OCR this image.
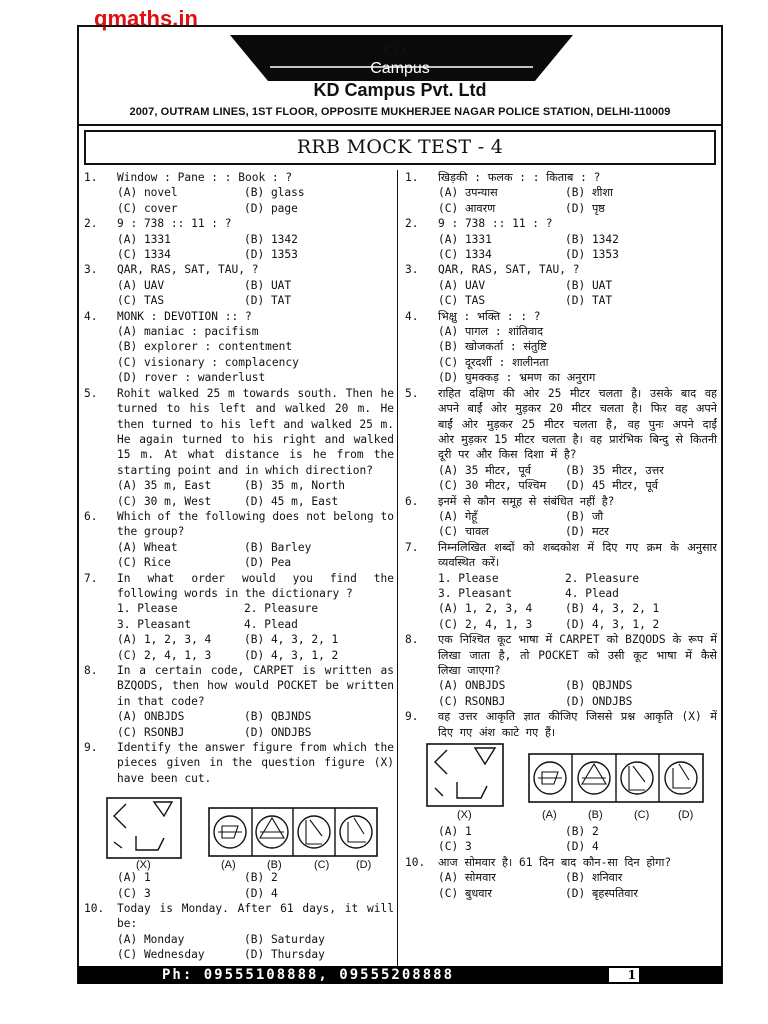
qmaths.in
KD
Campus
KD Campus Pvt. Ltd
2007, OUTRAM LINES, 1ST FLOOR, OPPOSITE MUKHERJEE NAGAR POLICE STATION, DELHI-110009
RRB MOCK TEST - 4
1.	Window : Pane : : Book : ?
(A) novel	(B) glass
(C) cover	(D) page
2.	9 : 738 :: 11 : ?
(A) 1331	(B) 1342
(C) 1334	(D) 1353
3.	QAR, RAS, SAT, TAU, ?
(A) UAV	(B) UAT
(C) TAS	(D) TAT
4.	MONK : DEVOTION :: ?
(A) maniac : pacifism
(B) explorer : contentment
(C) visionary : complacency
(D) rover : wanderlust
5.	Rohit walked 25 m towards south. Then he turned to his left and walked 20 m. He then turned to his left and walked 25 m. He again turned to his right and walked 15 m. At what distance is he from the starting point and in which direction?
(A) 35 m, East	(B) 35 m, North
(C) 30 m, West	(D) 45 m, East
6.	Which of the following does not belong to the group?
(A) Wheat	(B) Barley
(C) Rice	(D) Pea
7.	In what order would you find the following words in the dictionary ?
1. Please	2. Pleasure
3. Pleasant	4. Plead
(A) 1, 2, 3, 4	(B) 4, 3, 2, 1
(C) 2, 4, 1, 3	(D) 4, 3, 1, 2
8.	In a certain code, CARPET is written as BZQODS, then how would POCKET be written in that code?
(A) ONBJDS	(B) QBJNDS
(C) RSONBJ	(D) ONDJBS
9.	Identify the answer figure from which the pieces given in the question figure (X) have been cut.
(X)	(A)	(B)	(C) (D)
(A) 1	(B) 2
(C) 3	(D) 4
10.	Today is Monday. After 61 days, it will be:
(A) Monday	(B) Saturday
(C) Wednesday	(D) Thursday
1.	खिड़की : फलक : : किताब : ?
(A) उपन्यास	(B) शीशा
(C) आवरण	(D) पृष्ठ
2.	9 : 738 :: 11 : ?
(A) 1331	(B) 1342
(C) 1334	(D) 1353
3.	QAR, RAS, SAT, TAU, ?
(A) UAV	(B) UAT
(C) TAS	(D) TAT
4.	भिक्षु : भक्ति : : ?
(A) पागल : शांतिवाद
(B) खोजकर्ता : संतुष्टि
(C) दूरदर्शी : शालीनता
(D) घुमक्कड़ : भ्रमण का अनुराग
5.	राहित दक्षिण की ओर 25 मीटर चलता है। उसके बाद वह अपने बाईं ओर मुड़कर 20 मीटर चलता है। फिर वह अपने बाईं ओर मुड़कर 25 मीटर चलता है, वह पुनः अपने दाईं ओर मुड़कर 15 मीटर चलता है। वह प्रारंभिक बिन्दु से कितनी दूरी पर और किस दिशा में है?
(A) 35 मीटर, पूर्व	(B) 35 मीटर, उत्तर
(C) 30 मीटर, पश्चिम	(D) 45 मीटर, पूर्व
6.	इनमें से कौन समूह से संबंधित नहीं है?
(A) गेहूँ	(B) जौ
(C) चावल	(D) मटर
7.	निम्नलिखित शब्दों को शब्दकोश में दिए गए क्रम के अनुसार व्यवस्थित करें।
1. Please	2. Pleasure
3. Pleasant	4. Plead
(A) 1, 2, 3, 4	(B) 4, 3, 2, 1
(C) 2, 4, 1, 3	(D) 4, 3, 1, 2
8.	एक निश्चित कूट भाषा में CARPET को BZQODS के रूप में लिखा जाता है, तो POCKET को उसी कूट भाषा में कैसे लिखा जाएगा?
(A) ONBJDS	(B) QBJNDS
(C) RSONBJ	(D) ONDJBS
9.	वह उत्तर आकृति ज्ञात कीजिए जिससे प्रश्न आकृति (X) में दिए गए अंश काटे गए हैं।
(X)	(A)	(B)	(C)	(D)
(A) 1	(B) 2
(C) 3	(D) 4
10.	आज सोमवार है। 61 दिन बाद कौन-सा दिन होगा?
(A) सोमवार	(B) शनिवार
(C) बुधवार	(D) बृहस्पतिवार
Ph: 09555108888, 09555208888	1
